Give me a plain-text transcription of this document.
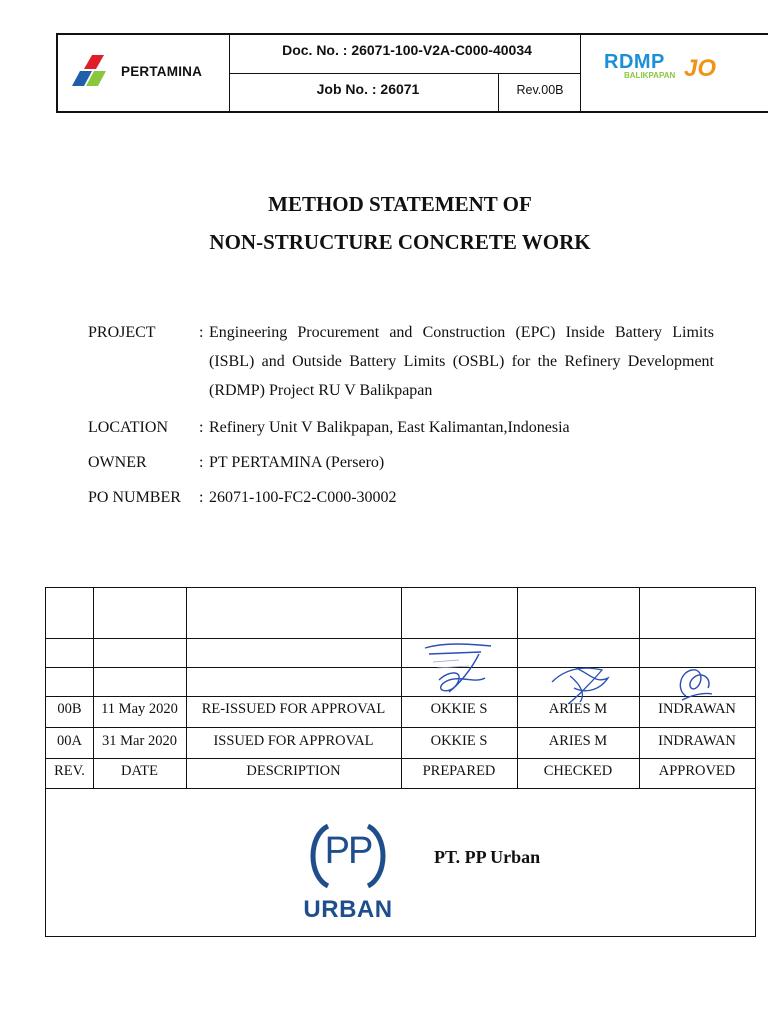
PERTAMINA
Doc. No. : 26071-100-V2A-C000-40034
Job No. : 26071	Rev.00B
RDMP
BALIKPAPAN JO
METHOD STATEMENT OF
NON-STRUCTURE CONCRETE WORK
PROJECT	: Engineering Procurement and Construction (EPC) Inside Battery Limits (ISBL) and Outside Battery Limits (OSBL) for the Refinery Development (RDMP) Project RU V Balikpapan
LOCATION : Refinery Unit V Balikpapan, East Kalimantan,Indonesia
OWNER	: PT PERTAMINA (Persero)
PO NUMBER : 26071-100-FC2-C000-30002
00B	11 May 2020	RE-ISSUED FOR APPROVAL	OKKIE S	ARIES M	INDRAWAN
00A	31 Mar 2020	ISSUED FOR APPROVAL	OKKIE S	ARIES M	INDRAWAN
REV.	DATE	DESCRIPTION	PREPARED	CHECKED	APPROVED
PP
URBAN
PT. PP Urban
